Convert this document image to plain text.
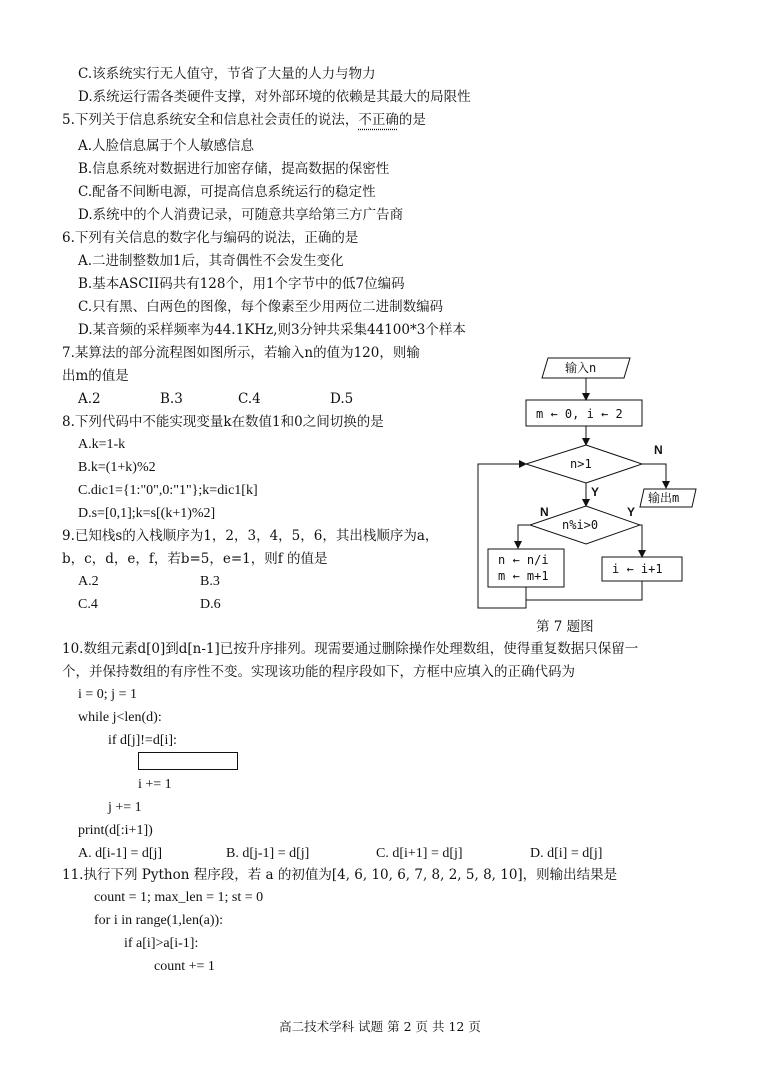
C.该系统实行无人值守，节省了大量的人力与物力
D.系统运行需各类硬件支撑，对外部环境的依赖是其最大的局限性
5.下列关于信息系统安全和信息社会责任的说法，不正确的是
A.人脸信息属于个人敏感信息
B.信息系统对数据进行加密存储，提高数据的保密性
C.配备不间断电源，可提高信息系统运行的稳定性
D.系统中的个人消费记录，可随意共享给第三方广告商
6.下列有关信息的数字化与编码的说法，正确的是
A.二进制整数加1后，其奇偶性不会发生变化
B.基本ASCII码共有128个，用1个字节中的低7位编码
C.只有黑、白两色的图像，每个像素至少用两位二进制数编码
D.某音频的采样频率为44.1KHz,则3分钟共采集44100*3个样本
7.某算法的部分流程图如图所示，若输入n的值为120，则输
出m的值是
A.2	B.3	C.4	D.5
8.下列代码中不能实现变量k在数值1和0之间切换的是
A.k=1-k
B.k=(1+k)%2
C.dic1={1:"0",0:"1"};k=dic1[k]
D.s=[0,1];k=s[(k+1)%2]
9.已知栈s的入栈顺序为1，2，3，4，5，6，其出栈顺序为a，
b，c，d，e，f，若b=5，e=1，则f 的值是
A.2	B.3
C.4	D.6
输入n
m ← 0, i ← 2
n>1
N
输出m
Y
n%i>0
N	Y
n ← n/i
m ← m+1	i ← i+1
第 7 题图
10.数组元素d[0]到d[n-1]已按升序排列。现需要通过删除操作处理数组，使得重复数据只保留一
个，并保持数组的有序性不变。实现该功能的程序段如下，方框中应填入的正确代码为
i = 0; j = 1
while j<len(d):
if d[j]!=d[i]:
i += 1
j += 1
print(d[:i+1])
A. d[i-1] = d[j]	B. d[j-1] = d[j]	C. d[i+1] = d[j]	D. d[i] = d[j]
11.执行下列 Python 程序段，若 a 的初值为[4, 6, 10, 6, 7, 8, 2, 5, 8, 10]，则输出结果是
count = 1; max_len = 1; st = 0
for i in range(1,len(a)):
if a[i]>a[i-1]:
count += 1
高二技术学科 试题 第 2 页 共 12 页
